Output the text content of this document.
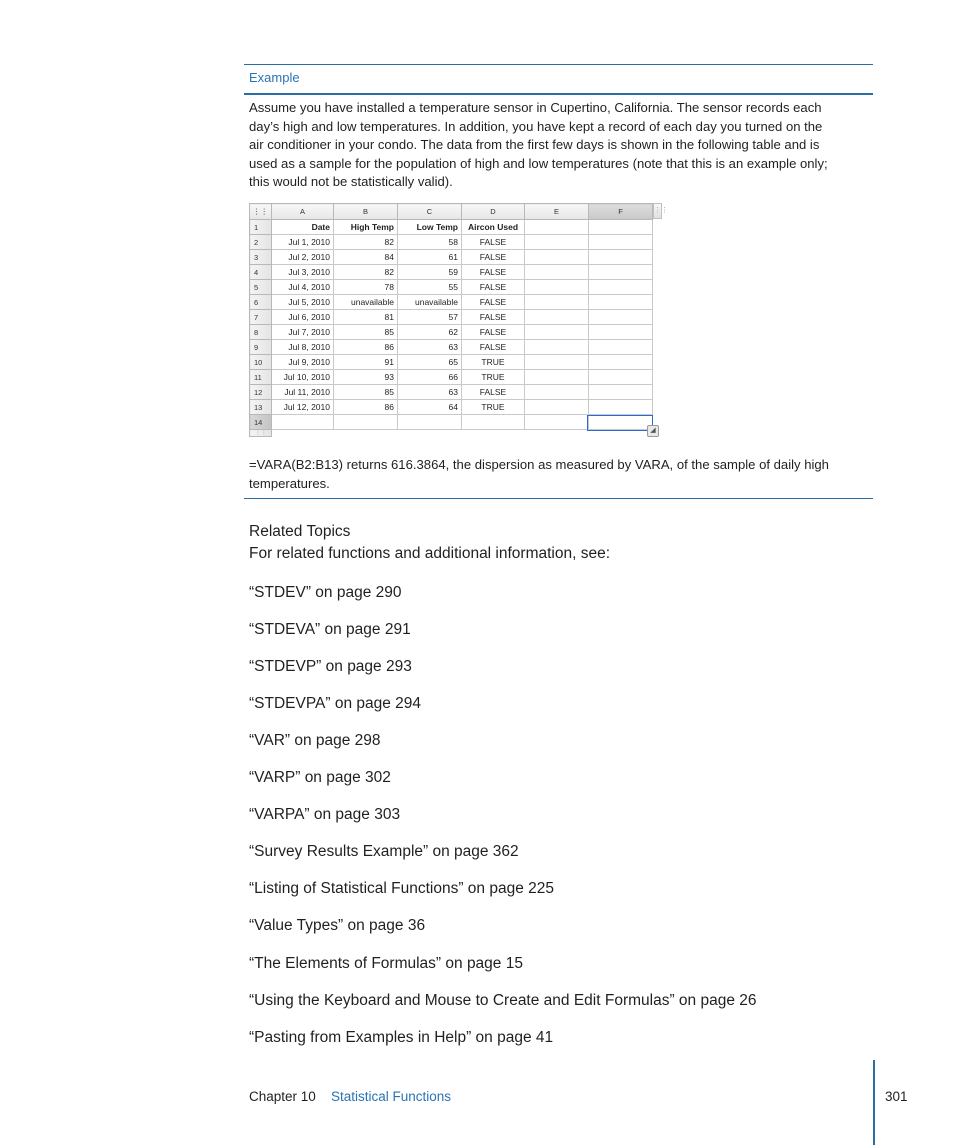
Example
Assume you have installed a temperature sensor in Cupertino, California. The sensor records each
day’s high and low temperatures. In addition, you have kept a record of each day you turned on the
air conditioner in your condo. The data from the first few days is shown in the following table and is
used as a sample for the population of high and low temperatures (note that this is an example only;
this would not be statistically valid).
⋮⋮	A	B	C	D	E	F
1	Date	High Temp	Low Temp	Aircon Used		
2	Jul 1, 2010	82	58	FALSE		
3	Jul 2, 2010	84	61	FALSE		
4	Jul 3, 2010	82	59	FALSE		
5	Jul 4, 2010	78	55	FALSE		
6	Jul 5, 2010	unavailable	unavailable	FALSE		
7	Jul 6, 2010	81	57	FALSE		
8	Jul 7, 2010	85	62	FALSE		
9	Jul 8, 2010	86	63	FALSE		
10	Jul 9, 2010	91	65	TRUE		
11	Jul 10, 2010	93	66	TRUE		
12	Jul 11, 2010	85	63	FALSE		
13	Jul 12, 2010	86	64	TRUE		
14						
⋮⋮						
⋮⋮
◢
=VARA(B2:B13) returns 616.3864, the dispersion as measured by VARA, of the sample of daily high
temperatures.
Related Topics
For related functions and additional information, see:
“STDEV” on page 290
“STDEVA” on page 291
“STDEVP” on page 293
“STDEVPA” on page 294
“VAR” on page 298
“VARP” on page 302
“VARPA” on page 303
“Survey Results Example” on page 362
“Listing of Statistical Functions” on page 225
“Value Types” on page 36
“The Elements of Formulas” on page 15
“Using the Keyboard and Mouse to Create and Edit Formulas” on page 26
“Pasting from Examples in Help” on page 41
Chapter 10 Statistical Functions	301
